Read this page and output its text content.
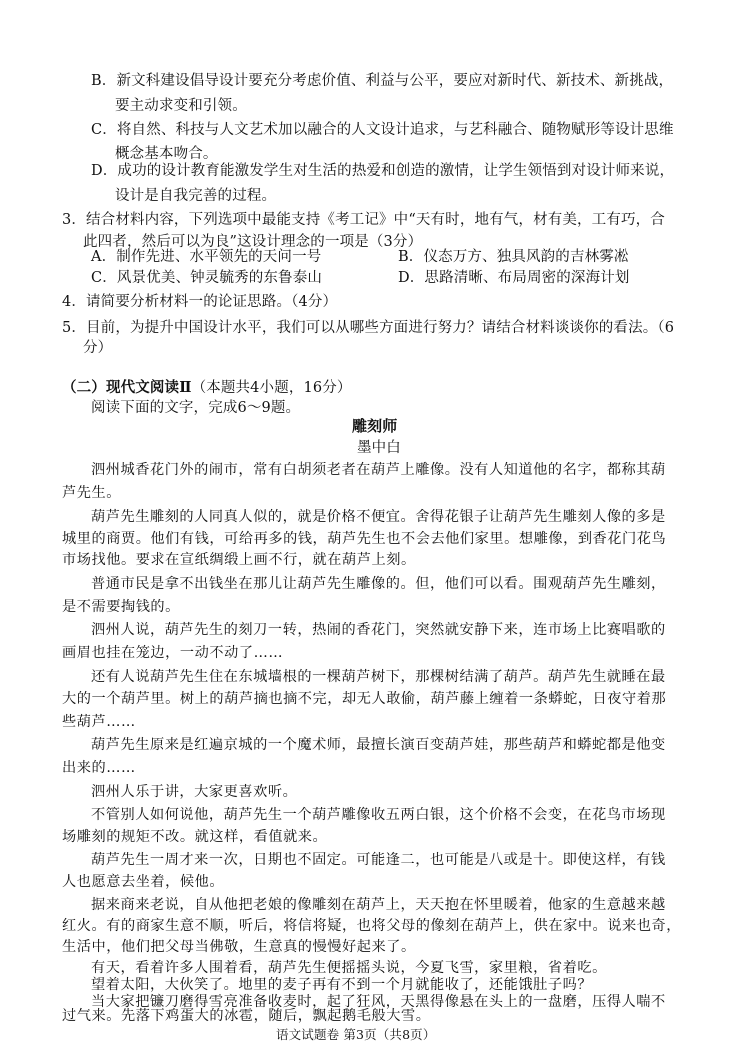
B．新文科建设倡导设计要充分考虑价值、利益与公平，要应对新时代、新技术、新挑战，
要主动求变和引领。
C．将自然、科技与人文艺术加以融合的人文设计追求，与艺科融合、随物赋形等设计思维
概念基本吻合。
D．成功的设计教育能激发学生对生活的热爱和创造的激情，让学生领悟到对设计师来说，
设计是自我完善的过程。
3．结合材料内容，下列选项中最能支持《考工记》中“天有时，地有气，材有美，工有巧，合
此四者，然后可以为良”这设计理念的一项是（3分）
A．制作先进、水平领先的天问一号	B．仪态万方、独具风韵的吉林雾凇
C．风景优美、钟灵毓秀的东鲁泰山	D．思路清晰、布局周密的深海计划
4．请简要分析材料一的论证思路。（4分）
5．目前，为提升中国设计水平，我们可以从哪些方面进行努力？请结合材料谈谈你的看法。（6
分）
（二）现代文阅读Ⅱ（本题共4小题，16分）
阅读下面的文字，完成6～9题。
雕刻师
墨中白
泗州城香花门外的闹市，常有白胡须老者在葫芦上雕像。没有人知道他的名字，都称其葫
芦先生。
葫芦先生雕刻的人同真人似的，就是价格不便宜。舍得花银子让葫芦先生雕刻人像的多是
城里的商贾。他们有钱，可给再多的钱，葫芦先生也不会去他们家里。想雕像，到香花门花鸟
市场找他。要求在宣纸绸缎上画不行，就在葫芦上刻。
普通市民是拿不出钱坐在那儿让葫芦先生雕像的。但，他们可以看。围观葫芦先生雕刻，
是不需要掏钱的。
泗州人说，葫芦先生的刻刀一转，热闹的香花门，突然就安静下来，连市场上比赛唱歌的
画眉也挂在笼边，一动不动了……
还有人说葫芦先生住在东城墙根的一棵葫芦树下，那棵树结满了葫芦。葫芦先生就睡在最
大的一个葫芦里。树上的葫芦摘也摘不完，却无人敢偷，葫芦藤上缠着一条蟒蛇，日夜守着那
些葫芦……
葫芦先生原来是红遍京城的一个魔术师，最擅长演百变葫芦娃，那些葫芦和蟒蛇都是他变
出来的……
泗州人乐于讲，大家更喜欢听。
不管别人如何说他，葫芦先生一个葫芦雕像收五两白银，这个价格不会变，在花鸟市场现
场雕刻的规矩不改。就这样，看值就来。
葫芦先生一周才来一次，日期也不固定。可能逢二，也可能是八或是十。即使这样，有钱
人也愿意去坐着，候他。
据来商来老说，自从他把老娘的像雕刻在葫芦上，天天抱在怀里暖着，他家的生意越来越
红火。有的商家生意不顺，听后，将信将疑，也将父母的像刻在葫芦上，供在家中。说来也奇，
生活中，他们把父母当佛敬，生意真的慢慢好起来了。
有天，看着许多人围着看，葫芦先生便摇摇头说，今夏飞雪，家里粮，省着吃。
望着太阳，大伙笑了。地里的麦子再有不到一个月就能收了，还能饿肚子吗？
当大家把镰刀磨得雪亮准备收麦时，起了狂风，天黑得像悬在头上的一盘磨，压得人喘不
过气来。先落下鸡蛋大的冰雹，随后，飘起鹅毛般大雪。
语文试题卷 第3页（共8页）
